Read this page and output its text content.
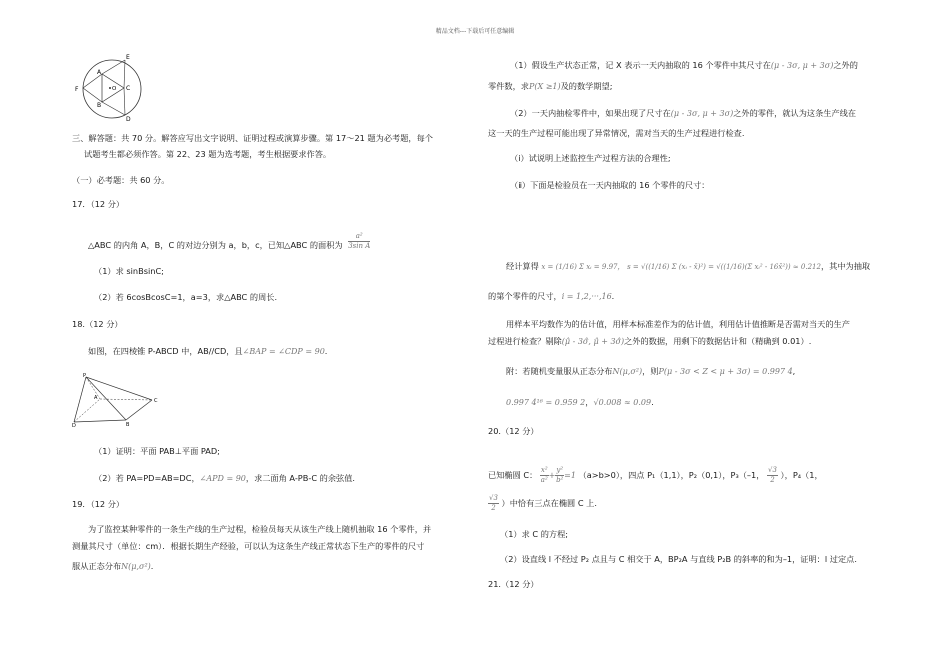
精品文档---下载后可任意编辑
E
A
O C
F
B
D
三、解答题：共 70 分。解答应写出文字说明、证明过程或演算步骤。第 17～21 题为必考题，每个
试题考生都必须作答。第 22、23 题为选考题，考生根据要求作答。
（一）必考题：共 60 分。
17．（12 分）
△ABC 的内角 A，B，C 的对边分别为 a，b，c，已知△ABC 的面积为 $\frac{\text{a²}}{\text{3sin A}}$
（1）求 sinBsinC;
（2）若 6cosBcosC=1，a=3，求△ABC 的周长.
18.（12 分）
如图，在四棱锥 P-ABCD 中，AB//CD，且∠BAP = ∠CDP = 90.
P
A
D	B
C
（1）证明：平面 PAB⊥平面 PAD;
（2）若 PA=PD=AB=DC，∠APD = 90，求二面角 A-PB-C 的余弦值.
19．（12 分）
为了监控某种零件的一条生产线的生产过程，检验员每天从该生产线上随机抽取 16 个零件，并
测量其尺寸（单位：cm）．根据长期生产经验，可以认为这条生产线正常状态下生产的零件的尺寸
服从正态分布N(μ,σ²).
（1）假设生产状态正常，记 X 表示一天内抽取的 16 个零件中其尺寸在(μ - 3σ, μ + 3σ)之外的
零件数，求P(X ≥1)及的数学期望;
（2）一天内抽检零件中，如果出现了尺寸在(μ - 3σ, μ + 3σ)之外的零件，就认为这条生产线在
这一天的生产过程可能出现了异常情况，需对当天的生产过程进行检查.
（ⅰ）试说明上述监控生产过程方法的合理性;
（ⅱ）下面是检验员在一天内抽取的 16 个零件的尺寸：
经计算得 x = (1/16) Σ xᵢ = 9.97， s = √((1/16) Σ (xᵢ - x̄)²) = √((1/16)(Σ xᵢ² - 16x̄²)) ≈ 0.212，其中为抽取
的第个零件的尺寸，i = 1,2,···,16.
用样本平均数作为的估计值，用样本标准差作为的估计值，利用估计值推断是否需对当天的生产
过程进行检查？剔除(μ̂ - 3σ̂, μ̂ + 3σ̂)之外的数据，用剩下的数据估计和（精确到 0.01）.
附：若随机变量服从正态分布N(μ,σ²)，则P(μ - 3σ < Z < μ + 3σ) = 0.997 4,
0.997 4¹⁶ = 0.959 2，√0.008 ≈ 0.09.
20.（12 分）
已知椭圆 C： $\frac{\text{x²}}{\text{a²}} + \frac{\text{y²}}{\text{b²}} =1$ （a>b>0），四点 P₁（1,1），P₂（0,1），P₃（–1， $\frac{√3}{2}$ ），P₄（1，
$\frac{√3}{2}$ ）中恰有三点在椭圆 C 上.
（1）求 C 的方程;
（2）设直线 l 不经过 P₂ 点且与 C 相交于 A，BP₂A 与直线 P₂B 的斜率的和为–1，证明：l 过定点.
21.（12 分）
